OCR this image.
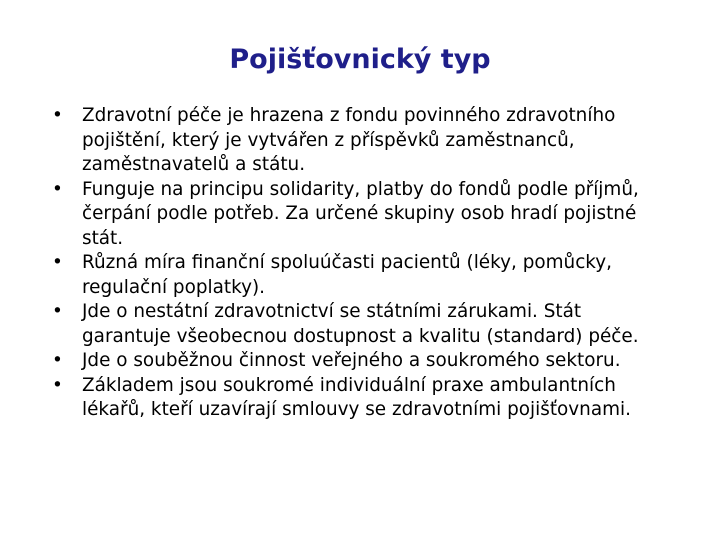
Pojišťovnický typ
•	Zdravotní péče je hrazena z fondu povinného zdravotního pojištění, který je vytvářen z příspěvků zaměstnanců, zaměstnavatelů a státu.
•	Funguje na principu solidarity, platby do fondů podle příjmů, čerpání podle potřeb. Za určené skupiny osob hradí pojistné stát.
•	Různá míra finanční spoluúčasti pacientů (léky, pomůcky, regulační poplatky).
•	Jde o nestátní zdravotnictví se státními zárukami. Stát garantuje všeobecnou dostupnost a kvalitu (standard) péče.
•	Jde o souběžnou činnost veřejného a soukromého sektoru.
•	Základem jsou soukromé individuální praxe ambulantních lékařů, kteří uzavírají smlouvy se zdravotními pojišťovnami.
